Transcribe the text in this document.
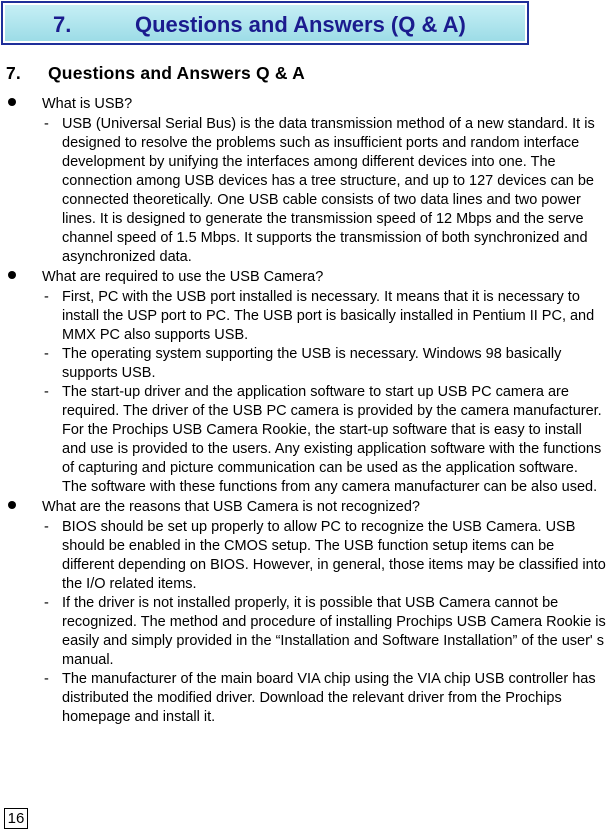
7.	Questions and Answers (Q & A)
7. Questions and Answers Q & A
What is USB?
- USB (Universal Serial Bus) is the data transmission method of a new standard. It is designed to resolve the problems such as insufficient ports and random interface development by unifying the interfaces among different devices into one. The connection among USB devices has a tree structure, and up to 127 devices can be connected theoretically. One USB cable consists of two data lines and two power lines. It is designed to generate the transmission speed of 12 Mbps and the serve channel speed of 1.5 Mbps. It supports the transmission of both synchronized and asynchronized data.
What are required to use the USB Camera?
- First, PC with the USB port installed is necessary. It means that it is necessary to install the USP port to PC. The USB port is basically installed in Pentium II PC, and MMX PC also supports USB.
- The operating system supporting the USB is necessary. Windows 98 basically supports USB.
- The start-up driver and the application software to start up USB PC camera are required. The driver of the USB PC camera is provided by the camera manufacturer. For the Prochips USB Camera Rookie, the start-up software that is easy to install and use is provided to the users. Any existing application software with the functions of capturing and picture communication can be used as the application software. The software with these functions from any camera manufacturer can be also used.
What are the reasons that USB Camera is not recognized?
- BIOS should be set up properly to allow PC to recognize the USB Camera. USB should be enabled in the CMOS setup. The USB function setup items can be different depending on BIOS. However, in general, those items may be classified into the I/O related items.
- If the driver is not installed properly, it is possible that USB Camera cannot be recognized. The method and procedure of installing Prochips USB Camera Rookie is easily and simply provided in the “Installation and Software Installation” of the user' s manual.
- The manufacturer of the main board VIA chip using the VIA chip USB controller has distributed the modified driver. Download the relevant driver from the Prochips homepage and install it.
16
